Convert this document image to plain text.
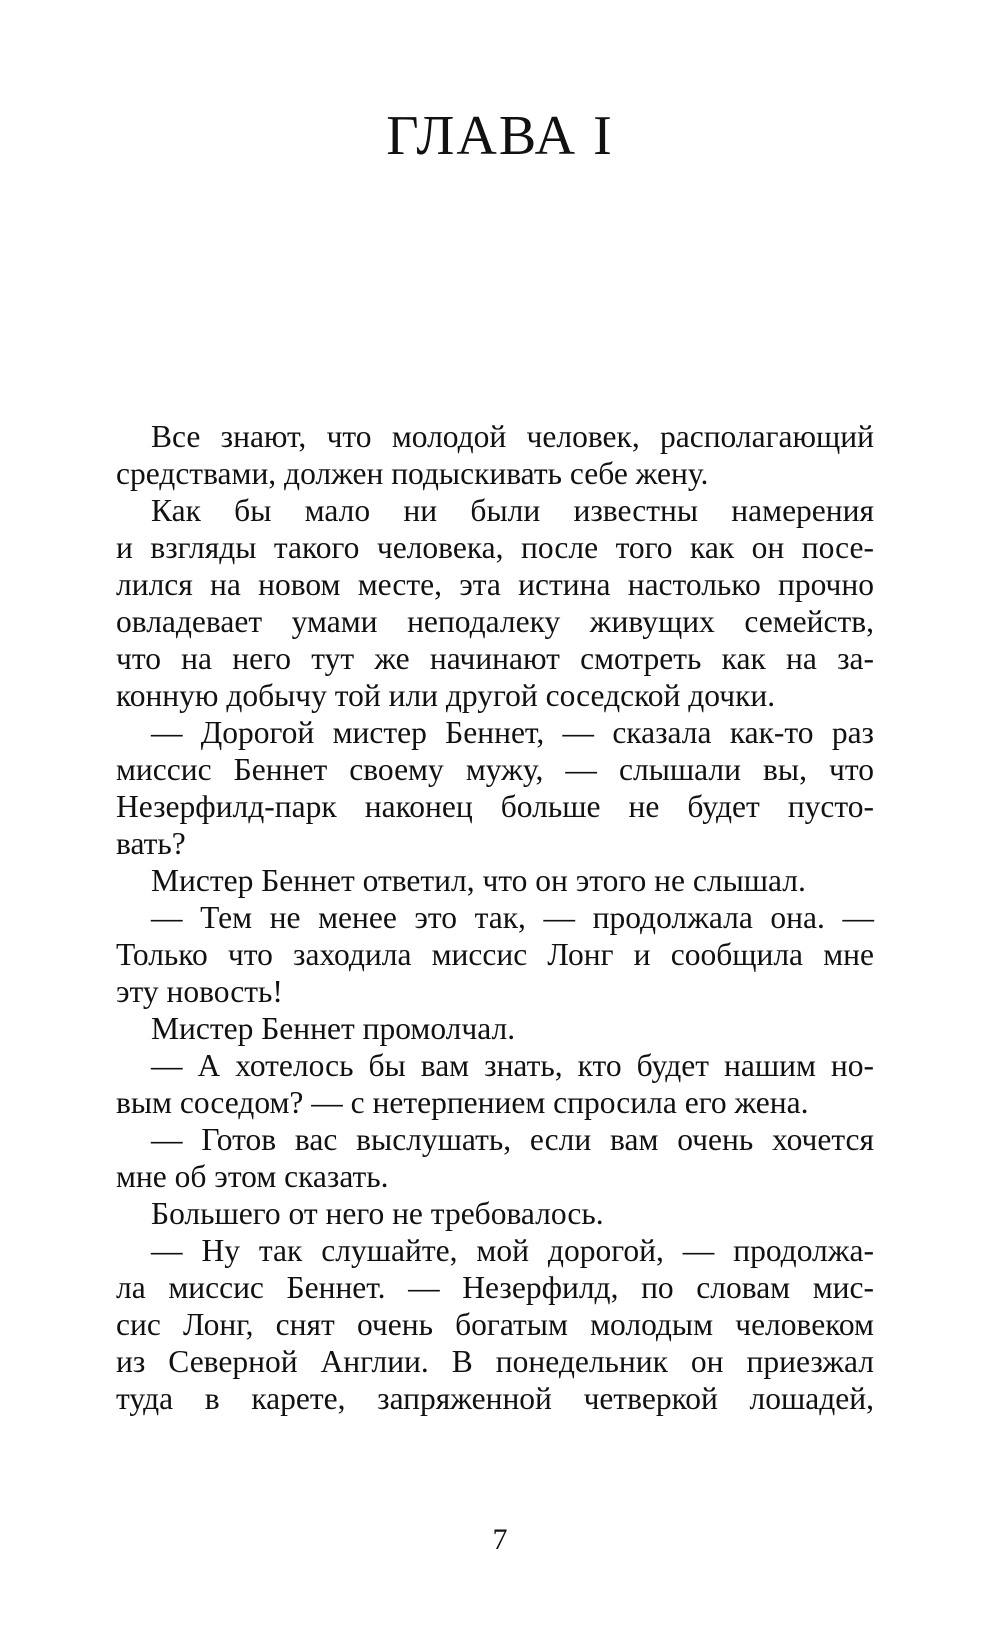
ГЛАВА I
Все знают, что молодой человек, располагающий
средствами, должен подыскивать себе жену.
Как бы мало ни были известны намерения
и взгляды такого человека, после того как он посе-
лился на новом месте, эта истина настолько прочно
овладевает умами неподалеку живущих семейств,
что на него тут же начинают смотреть как на за-
конную добычу той или другой соседской дочки.
— Дорогой мистер Беннет, — сказала как-то раз
миссис Беннет своему мужу, — слышали вы, что
Незерфилд-парк наконец больше не будет пусто-
вать?
Мистер Беннет ответил, что он этого не слышал.
— Тем не менее это так, — продолжала она. —
Только что заходила миссис Лонг и сообщила мне
эту новость!
Мистер Беннет промолчал.
— А хотелось бы вам знать, кто будет нашим но-
вым соседом? — с нетерпением спросила его жена.
— Готов вас выслушать, если вам очень хочется
мне об этом сказать.
Большего от него не требовалось.
— Ну так слушайте, мой дорогой, — продолжа-
ла миссис Беннет. — Незерфилд, по словам мис-
сис Лонг, снят очень богатым молодым человеком
из Северной Англии. В понедельник он приезжал
туда в карете, запряженной четверкой лошадей,
7
